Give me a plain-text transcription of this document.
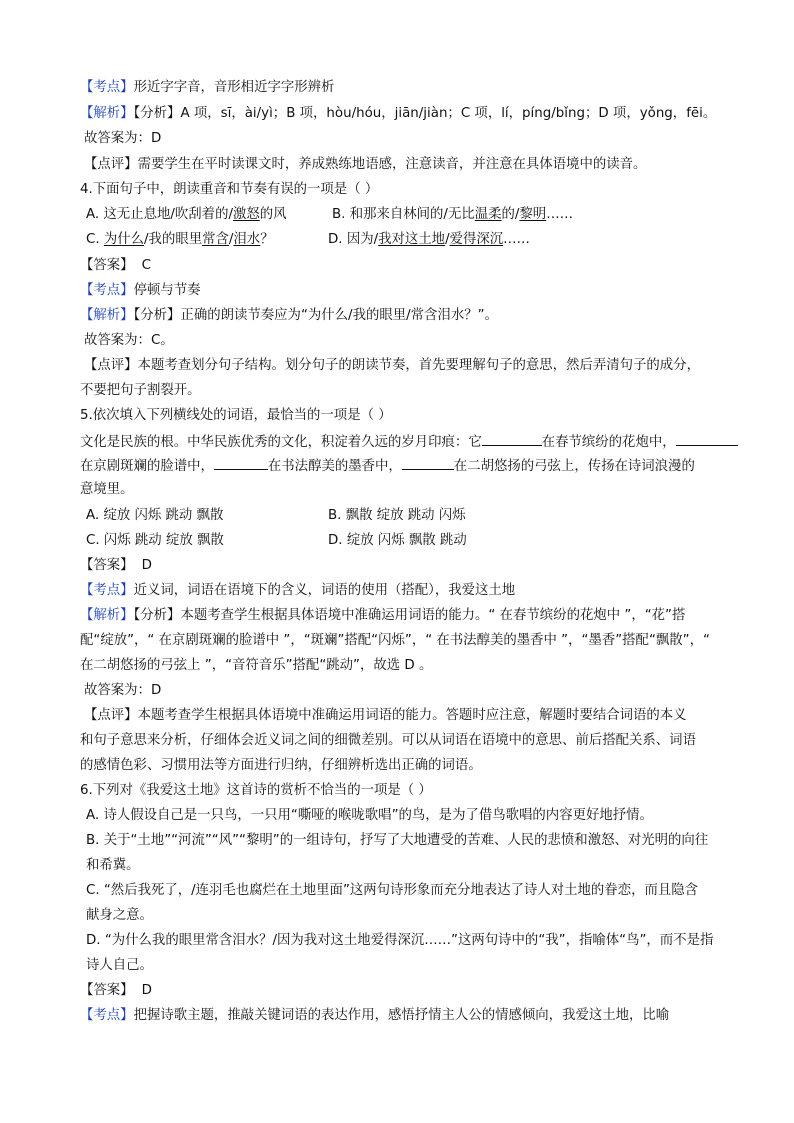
【考点】形近字字音，音形相近字字形辨析
【解析】【分析】A 项，sī，ài/yì；B 项，hòu/hóu，jiān/jiàn；C 项，lí，píng/bǐng；D 项，yǒng，fēi。
故答案为：D
【点评】需要学生在平时读课文时，养成熟练地语感，注意读音，并注意在具体语境中的读音。
4.下面句子中，朗读重音和节奏有误的一项是（ ）
A. 这无止息地/吹刮着的/激怒的风	B. 和那来自林间的/无比温柔的/黎明……
C. 为什么/我的眼里常含/泪水？	D. 因为/我对这土地/爱得深沉……
【答案】 C
【考点】停顿与节奏
【解析】【分析】正确的朗读节奏应为“为什么/我的眼里/常含泪水？”。
故答案为：C。
【点评】本题考查划分句子结构。划分句子的朗读节奏，首先要理解句子的意思，然后弄清句子的成分，
不要把句子割裂开。
5.依次填入下列横线处的词语，最恰当的一项是（ ）
文化是民族的根。中华民族优秀的文化，积淀着久远的岁月印痕：它	在春节缤纷的花炮中，
在京剧斑斓的脸谱中，	在书法醇美的墨香中，	在二胡悠扬的弓弦上，传扬在诗词浪漫的
意境里。
A. 绽放 闪烁 跳动 飘散	B. 飘散 绽放 跳动 闪烁
C. 闪烁 跳动 绽放 飘散	D. 绽放 闪烁 飘散 跳动
【答案】 D
【考点】近义词，词语在语境下的含义，词语的使用（搭配），我爱这土地
【解析】【分析】本题考查学生根据具体语境中准确运用词语的能力。“ 在春节缤纷的花炮中 ”，“花”搭
配“绽放”，“ 在京剧斑斓的脸谱中 ”，“斑斓”搭配“闪烁”，“ 在书法醇美的墨香中 ”，“墨香”搭配“飘散”，“
在二胡悠扬的弓弦上 ”，“音符音乐”搭配“跳动”，故选 D 。
故答案为：D
【点评】本题考查学生根据具体语境中准确运用词语的能力。答题时应注意，解题时要结合词语的本义
和句子意思来分析，仔细体会近义词之间的细微差别。可以从词语在语境中的意思、前后搭配关系、词语
的感情色彩、习惯用法等方面进行归纳，仔细辨析选出正确的词语。
6.下列对《我爱这土地》这首诗的赏析不恰当的一项是（ ）
A. 诗人假设自己是一只鸟，一只用“嘶哑的喉咙歌唱”的鸟，是为了借鸟歌唱的内容更好地抒情。
B. 关于“土地”“河流”“风”“黎明”的一组诗句，抒写了大地遭受的苦难、人民的悲愤和激怒、对光明的向往
和希冀。
C. “然后我死了，/连羽毛也腐烂在土地里面”这两句诗形象而充分地表达了诗人对土地的眷恋，而且隐含
献身之意。
D. “为什么我的眼里常含泪水？/因为我对这土地爱得深沉……”这两句诗中的“我”，指喻体“鸟”，而不是指
诗人自己。
【答案】 D
【考点】把握诗歌主题，推敲关键词语的表达作用，感悟抒情主人公的情感倾向，我爱这土地，比喻
